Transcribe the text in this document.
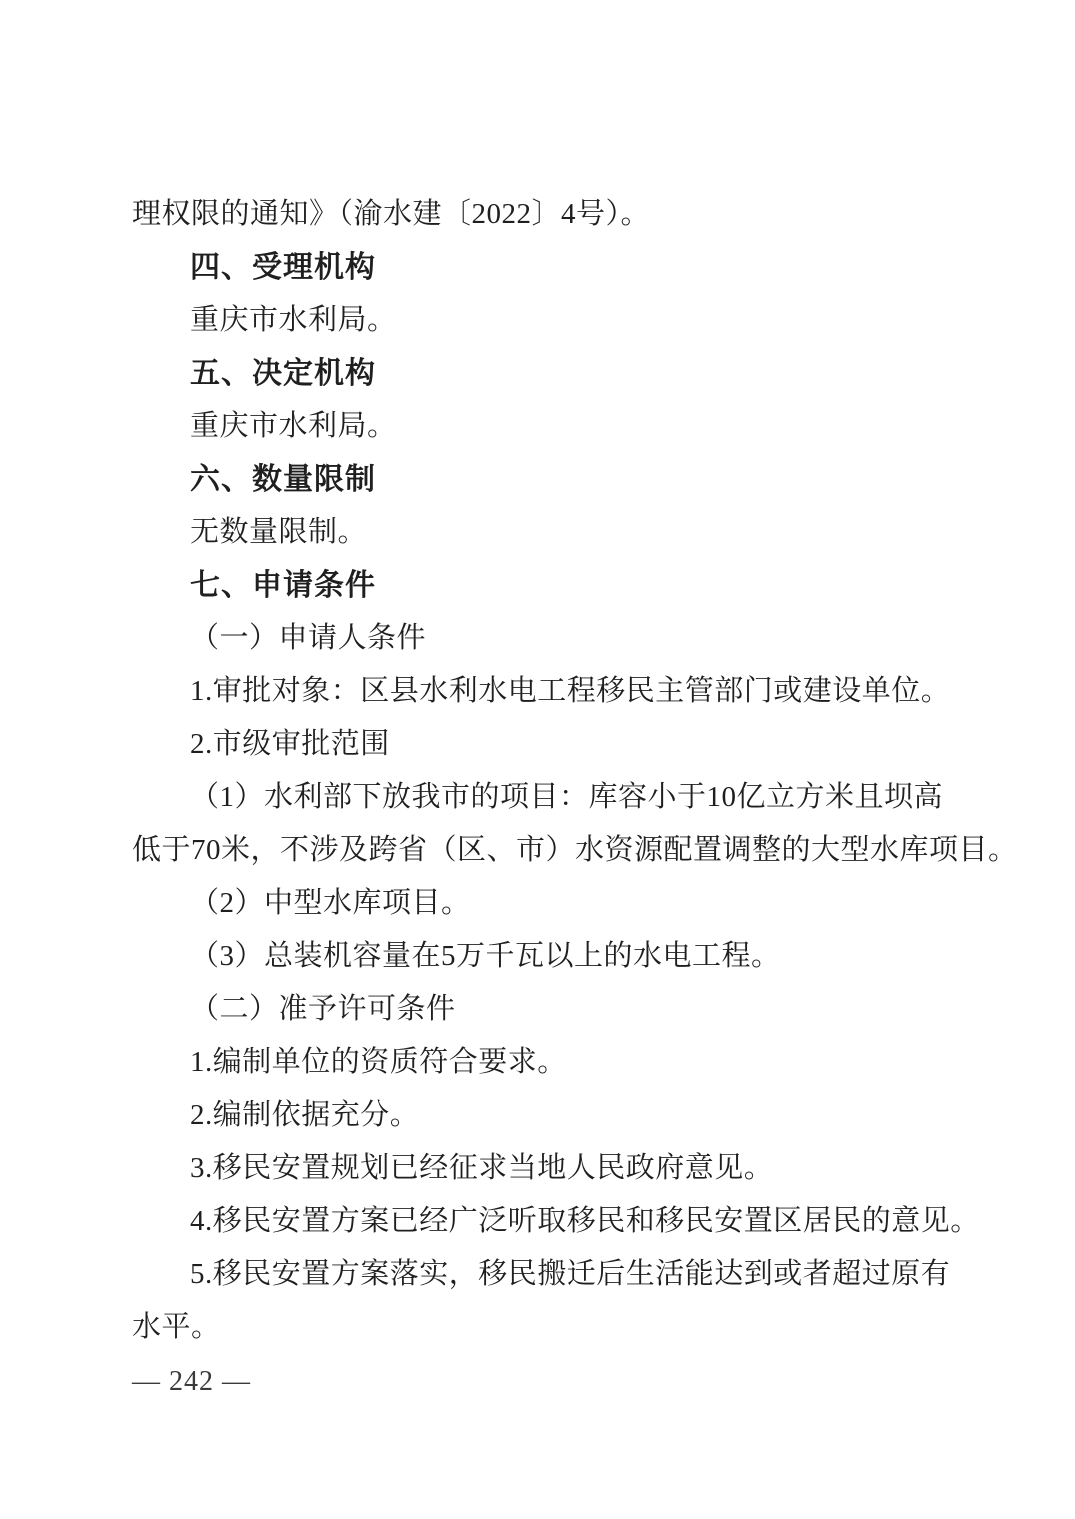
理权限的通知》（渝水建〔2022〕4号）。
四、受理机构
重庆市水利局。
五、决定机构
重庆市水利局。
六、数量限制
无数量限制。
七、申请条件
（一）申请人条件
1.审批对象：区县水利水电工程移民主管部门或建设单位。
2.市级审批范围
（1）水利部下放我市的项目：库容小于10亿立方米且坝高
低于70米，不涉及跨省（区、市）水资源配置调整的大型水库项目。
（2）中型水库项目。
（3）总装机容量在5万千瓦以上的水电工程。
（二）准予许可条件
1.编制单位的资质符合要求。
2.编制依据充分。
3.移民安置规划已经征求当地人民政府意见。
4.移民安置方案已经广泛听取移民和移民安置区居民的意见。
5.移民安置方案落实，移民搬迁后生活能达到或者超过原有
水平。
— 242 —
